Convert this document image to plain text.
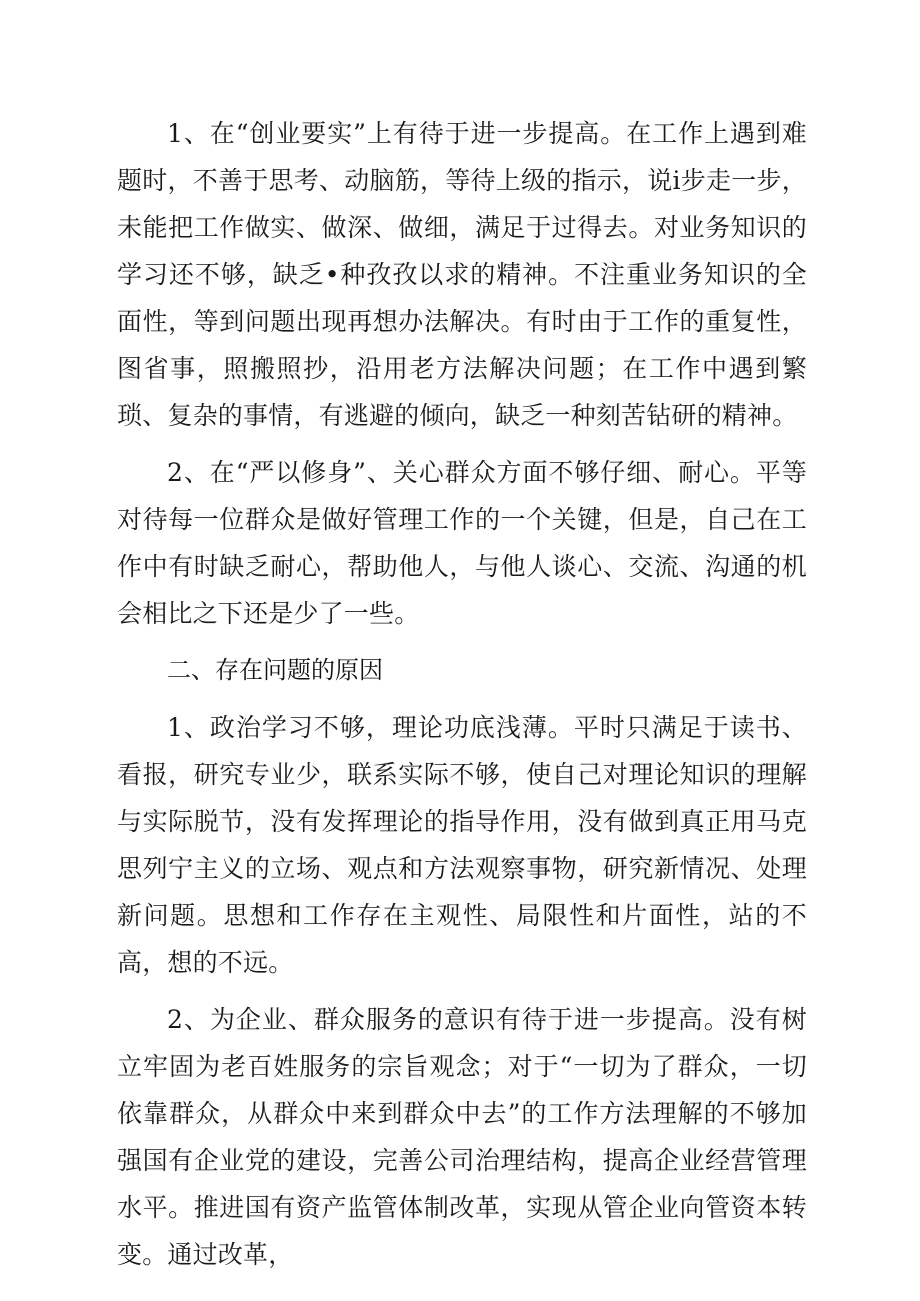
1、在“创业要实”上有待于进一步提高。在工作上遇到难题时，不善于思考、动脑筋，等待上级的指示，说i步走一步，未能把工作做实、做深、做细，满足于过得去。对业务知识的学习还不够，缺乏•种孜孜以求的精神。不注重业务知识的全面性，等到问题出现再想办法解决。有时由于工作的重复性，图省事，照搬照抄，沿用老方法解决问题；在工作中遇到繁琐、复杂的事情，有逃避的倾向，缺乏一种刻苦钻研的精神。

2、在“严以修身”、关心群众方面不够仔细、耐心。平等对待每一位群众是做好管理工作的一个关键，但是，自己在工作中有时缺乏耐心，帮助他人，与他人谈心、交流、沟通的机会相比之下还是少了一些。

二、存在问题的原因

1、政治学习不够，理论功底浅薄。平时只满足于读书、看报，研究专业少，联系实际不够，使自己对理论知识的理解与实际脱节，没有发挥理论的指导作用，没有做到真正用马克思列宁主义的立场、观点和方法观察事物，研究新情况、处理新问题。思想和工作存在主观性、局限性和片面性，站的不高，想的不远。

2、为企业、群众服务的意识有待于进一步提高。没有树立牢固为老百姓服务的宗旨观念；对于“一切为了群众，一切依靠群众，从群众中来到群众中去”的工作方法理解的不够加强国有企业党的建设，完善公司治理结构，提高企业经营管理水平。推进国有资产监管体制改革，实现从管企业向管资本转变。通过改革，
